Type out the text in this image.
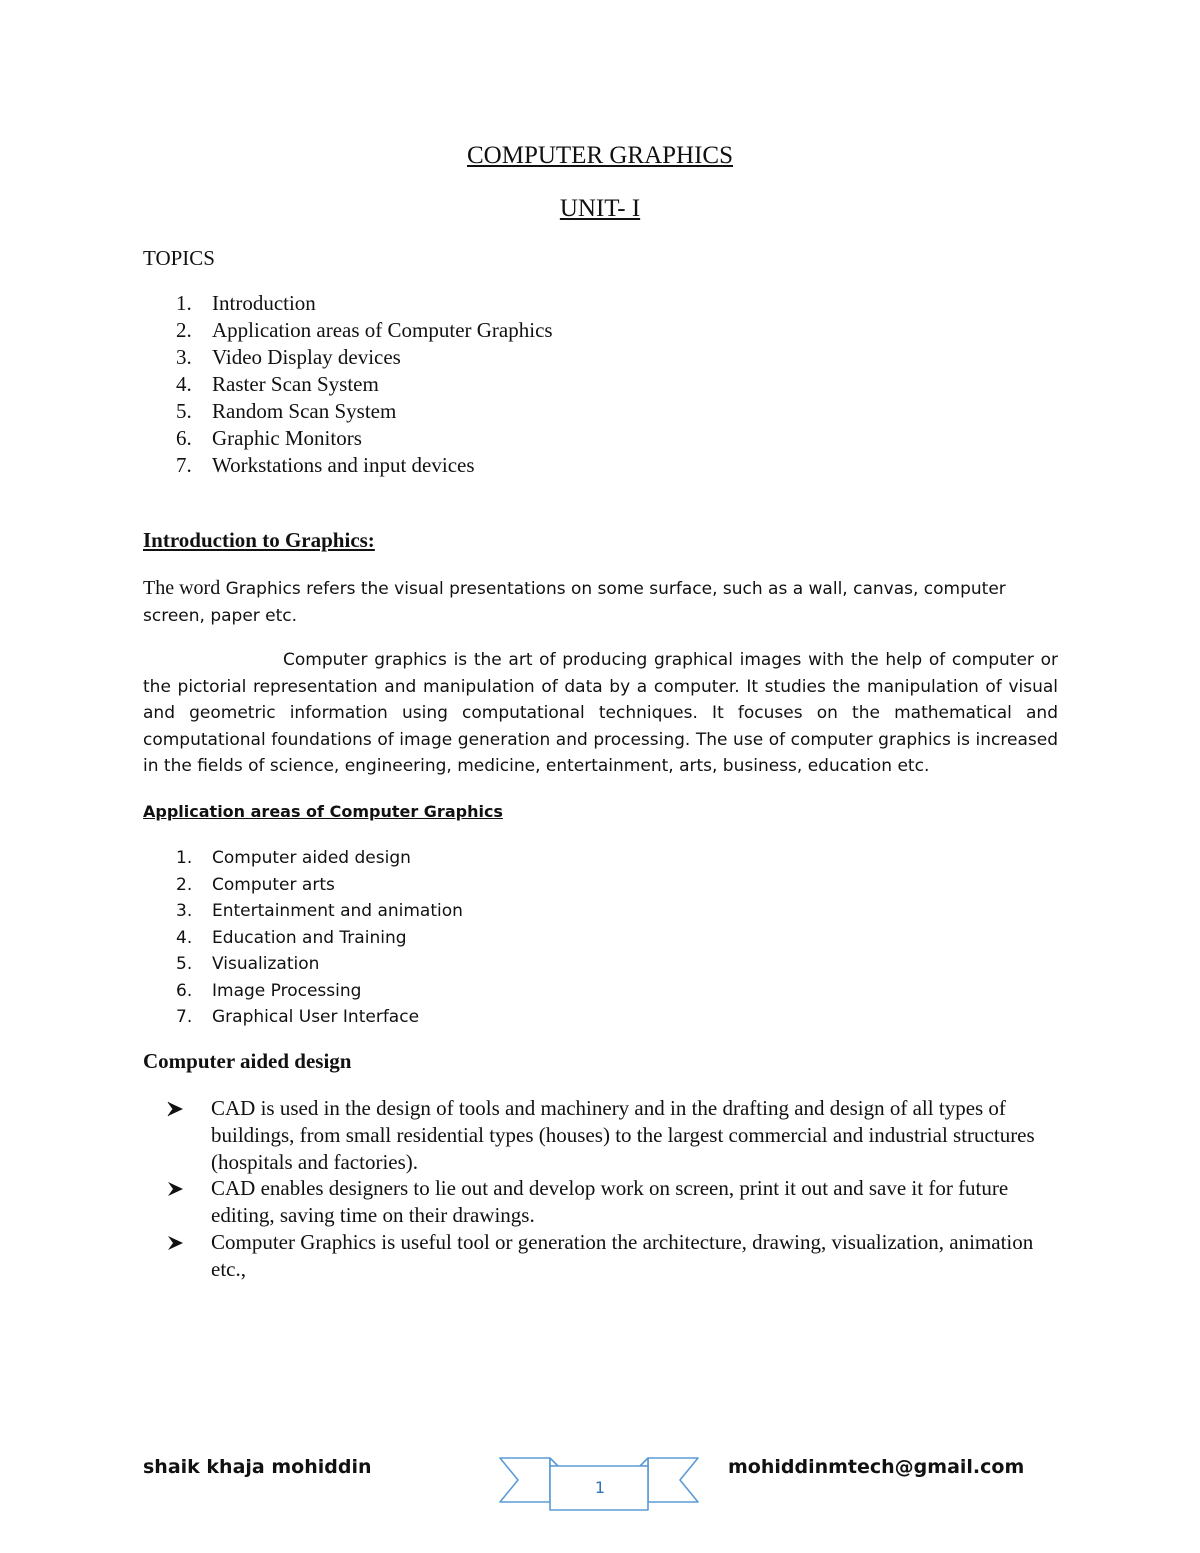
COMPUTER GRAPHICS
UNIT- I
TOPICS
1. Introduction
2. Application areas of Computer Graphics
3. Video Display devices
4. Raster Scan System
5. Random Scan System
6. Graphic Monitors
7. Workstations and input devices
Introduction to Graphics:
The word Graphics refers the visual presentations on some surface, such as a wall, canvas, computer screen, paper etc.
Computer graphics is the art of producing graphical images with the help of computer or the pictorial representation and manipulation of data by a computer. It studies the manipulation of visual and geometric information using computational techniques. It focuses on the mathematical and computational foundations of image generation and processing. The use of computer graphics is increased in the fields of science, engineering, medicine, entertainment, arts, business, education etc.
Application areas of Computer Graphics
1. Computer aided design
2. Computer arts
3. Entertainment and animation
4. Education and Training
5. Visualization
6. Image Processing
7. Graphical User Interface
Computer aided design
CAD is used in the design of tools and machinery and in the drafting and design of all types of buildings, from small residential types (houses) to the largest commercial and industrial structures (hospitals and factories).
CAD enables designers to lie out and develop work on screen, print it out and save it for future editing, saving time on their drawings.
Computer Graphics is useful tool or generation the architecture, drawing, visualization, animation etc.,
shaik khaja mohiddin
1
mohiddinmtech@gmail.com
